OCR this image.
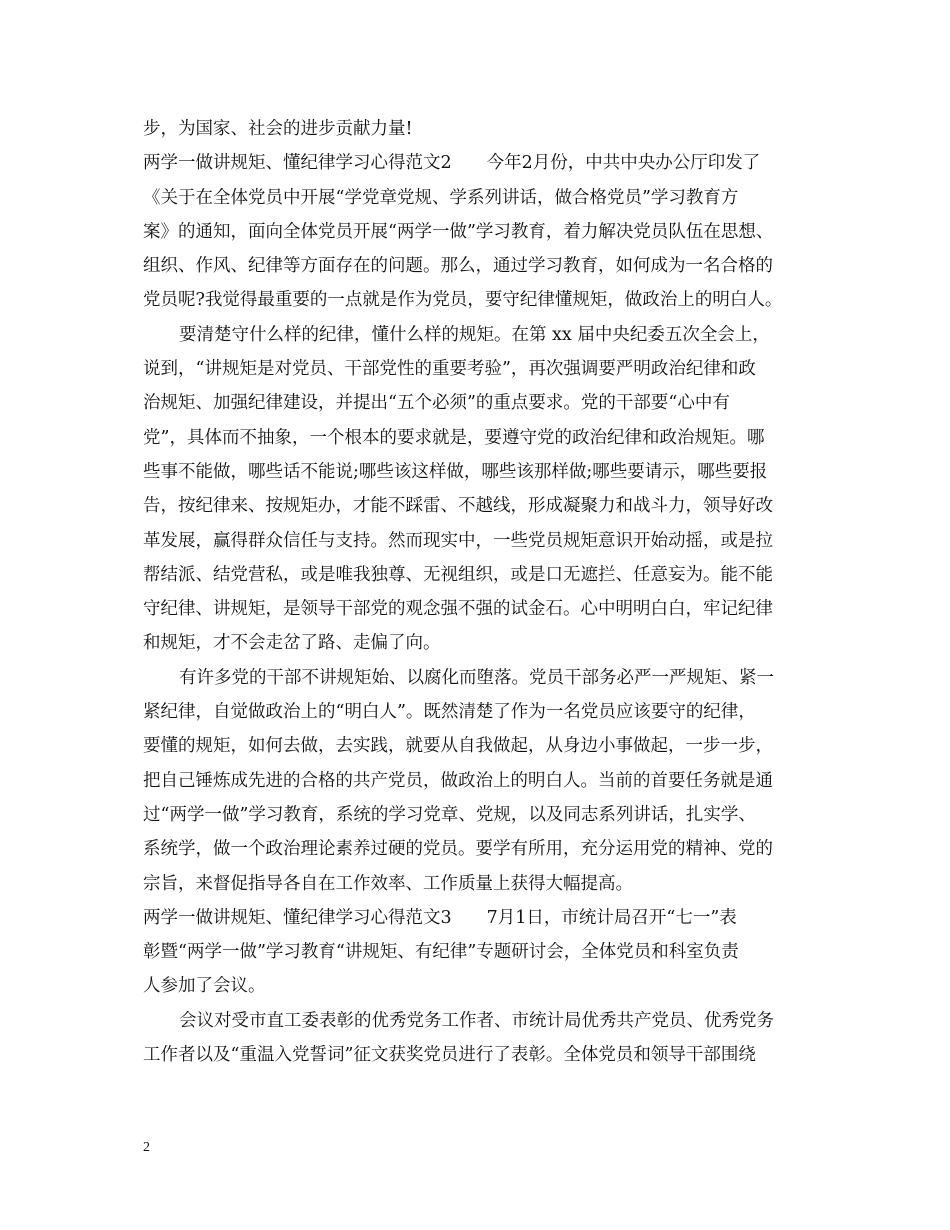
步，为国家、社会的进步贡献力量!
两学一做讲规矩、懂纪律学习心得范文2　　今年2月份，中共中央办公厅印发了
《关于在全体党员中开展“学党章党规、学系列讲话，做合格党员”学习教育方
案》的通知，面向全体党员开展“两学一做”学习教育，着力解决党员队伍在思想、
组织、作风、纪律等方面存在的问题。那么，通过学习教育，如何成为一名合格的
党员呢?我觉得最重要的一点就是作为党员，要守纪律懂规矩，做政治上的明白人。
要清楚守什么样的纪律，懂什么样的规矩。在第 xx 届中央纪委五次全会上，
说到，“讲规矩是对党员、干部党性的重要考验”，再次强调要严明政治纪律和政
治规矩、加强纪律建设，并提出“五个必须”的重点要求。党的干部要“心中有
党”，具体而不抽象，一个根本的要求就是，要遵守党的政治纪律和政治规矩。哪
些事不能做，哪些话不能说;哪些该这样做，哪些该那样做;哪些要请示，哪些要报
告，按纪律来、按规矩办，才能不踩雷、不越线，形成凝聚力和战斗力，领导好改
革发展，赢得群众信任与支持。然而现实中，一些党员规矩意识开始动摇，或是拉
帮结派、结党营私，或是唯我独尊、无视组织，或是口无遮拦、任意妄为。能不能
守纪律、讲规矩，是领导干部党的观念强不强的试金石。心中明明白白，牢记纪律
和规矩，才不会走岔了路、走偏了向。
有许多党的干部不讲规矩始、以腐化而堕落。党员干部务必严一严规矩、紧一
紧纪律，自觉做政治上的“明白人”。既然清楚了作为一名党员应该要守的纪律，
要懂的规矩，如何去做，去实践，就要从自我做起，从身边小事做起，一步一步，
把自己锤炼成先进的合格的共产党员，做政治上的明白人。当前的首要任务就是通
过“两学一做”学习教育，系统的学习党章、党规，以及同志系列讲话，扎实学、
系统学，做一个政治理论素养过硬的党员。要学有所用，充分运用党的精神、党的
宗旨，来督促指导各自在工作效率、工作质量上获得大幅提高。
两学一做讲规矩、懂纪律学习心得范文3　　7月1日，市统计局召开“七一”表
彰暨“两学一做”学习教育“讲规矩、有纪律”专题研讨会，全体党员和科室负责
人参加了会议。
会议对受市直工委表彰的优秀党务工作者、市统计局优秀共产党员、优秀党务
工作者以及“重温入党誓词”征文获奖党员进行了表彰。全体党员和领导干部围绕
2
